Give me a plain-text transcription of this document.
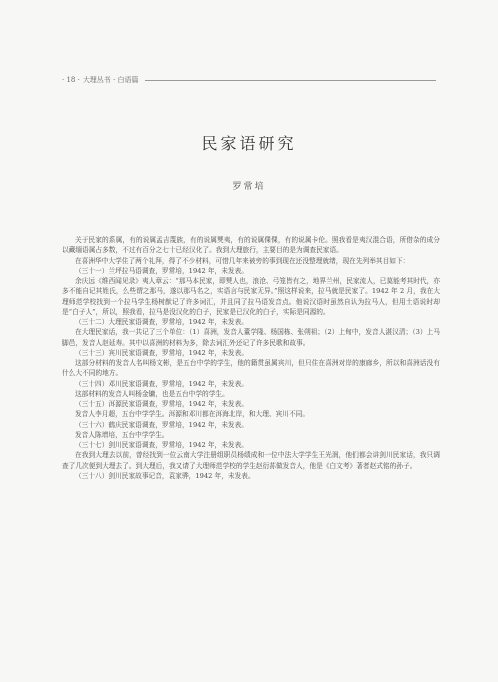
· 18 · 大理丛书 · 白语篇
民家语研究
罗常培

关于民家的系属，有的说属孟吉蔑族，有的说属僰夷，有的说属倮倮，有的说属卡伦。照我看是夷汉混合语，所借杂的成分以藏缅语属占多数，不过有百分之七十已经汉化了。我到大理旅行，主要目的是为调查民家语。

在喜洲华中大学住了两个礼拜，得了不少材料，可惜几年来被旁的事到现在还没整理就绪，现在先列举其目如下：

（三十一）兰坪拉马语调查，罗常培，1942 年，未发表。

余庆远《维西闻见录》夷人章云：“那马本民家，即僰人也，浪沧、弓笼皆有之，地界兰州，民家流人，已莫能考其时代，亦多不能自记其姓氏，么些谓之那马，遂以那马名之，实语言与民家无异。”照这样说来，拉马就是民家了。1942 年 2 月，我在大理师范学校找到一个拉马学生杨树猷记了许多词汇，并且同了拉马语发音点。他说汉语时虽然自认为拉马人，但用土语说时却是“白子人”，所以，照我看，拉马是没汉化的白子，民家是已汉化的白子，实际是同源的。

（三十二）大理民家语调查，罗常培，1942 年，未发表。

在大理民家话，我一共记了三个单位：（1）喜洲，发音人董学隆、杨国栋、张朔祖；（2）上甸中，发音人湛汉清；（3）上马脚邑，发音人赵延寿。其中以喜洲的材料为多，除去词汇外还记了许多民歌和故事。

（三十三）宾川民家语调查，罗常培，1942 年，未发表。

这部分材料的发音人名叫杨文彬，是五台中学的学生，他的籍贯虽属宾川，但只住在喜洲对岸的康廊乡，所以和喜洲话没有什么大不同的地方。

（三十四）邓川民家语调查，罗常培，1942 年，未发表。

这部材料的发音人叫杨金镛，也是五台中学的学生。

（三十五）洱源民家语调查，罗常培，1942 年，未发表。

发音人李月超，五台中学学生。洱源和邓川都在洱海北岸，和大理、宾川不同。

（三十六）鹤庆民家语调查，罗常培，1942 年，未发表。

发音人陈增培，五台中学学生。

（三十七）剑川民家语调查，罗常培，1942 年，未发表。

在我到大理去以前，曾经找到一位云南大学注册组职员杨绩成和一位中法大学学生王光润，他们都会讲剑川民家话，我只调查了几次便到大理去了。到大理后，我又请了大理师范学校的学生赵衍荪做发音人，他是《白文考》著者赵式铭的孙子。

（三十八）剑川民家故事记音，袁家骅，1942 年，未发表。
